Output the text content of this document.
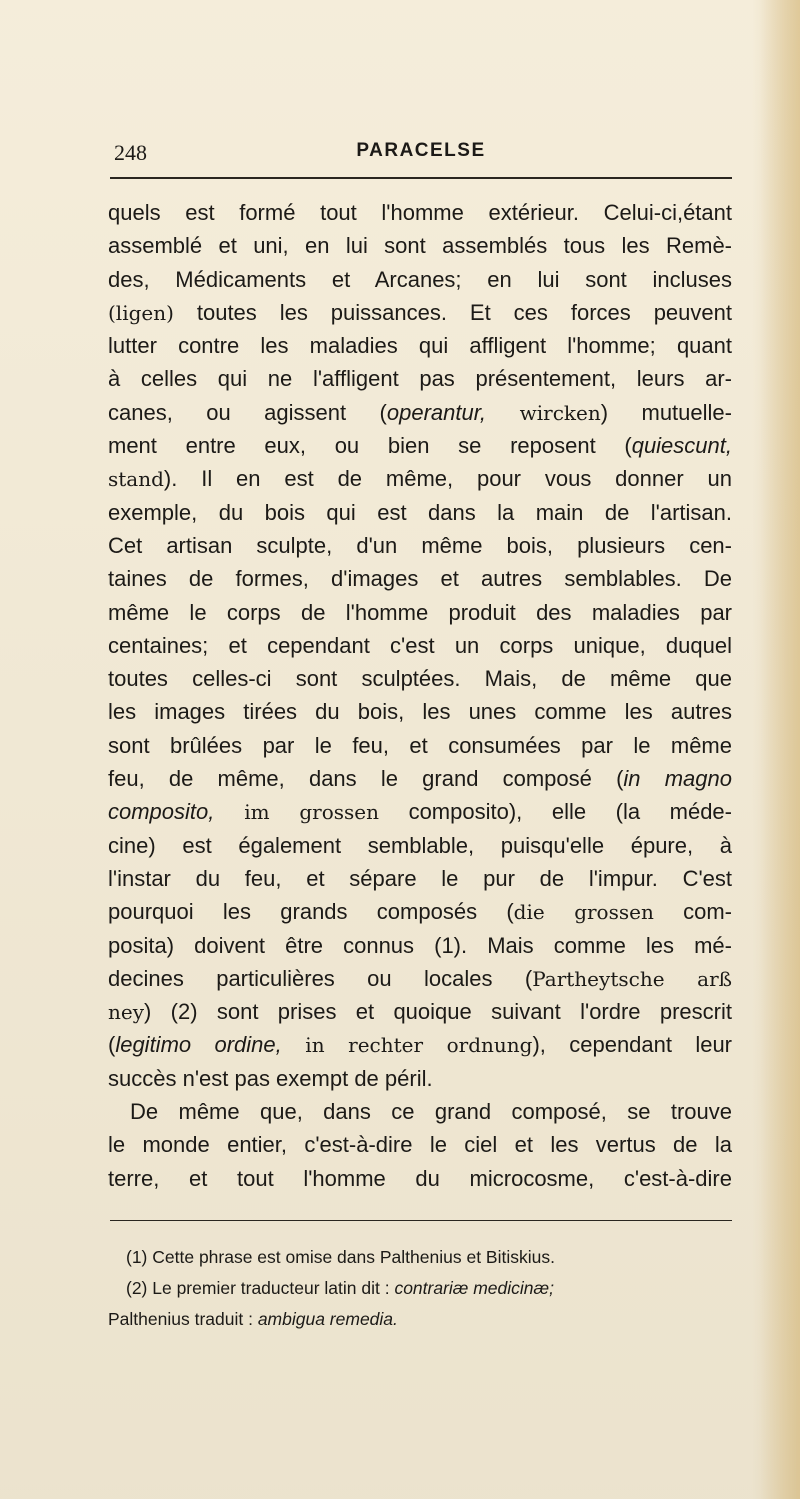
248	PARACELSE
quels est formé tout l'homme extérieur. Celui-ci,étant
assemblé et uni, en lui sont assemblés tous les Remè-
des, Médicaments et Arcanes; en lui sont incluses
(ligen) toutes les puissances. Et ces forces peuvent
lutter contre les maladies qui affligent l'homme; quant
à celles qui ne l'affligent pas présentement, leurs ar-
canes, ou agissent (operantur, wircken) mutuelle-
ment entre eux, ou bien se reposent (quiescunt,
stand). Il en est de même, pour vous donner un
exemple, du bois qui est dans la main de l'artisan.
Cet artisan sculpte, d'un même bois, plusieurs cen-
taines de formes, d'images et autres semblables. De
même le corps de l'homme produit des maladies par
centaines; et cependant c'est un corps unique, duquel
toutes celles-ci sont sculptées. Mais, de même que
les images tirées du bois, les unes comme les autres
sont brûlées par le feu, et consumées par le même
feu, de même, dans le grand composé (in magno
composito, im grossen composito), elle (la méde-
cine) est également semblable, puisqu'elle épure, à
l'instar du feu, et sépare le pur de l'impur. C'est
pourquoi les grands composés (die grossen com-
posita) doivent être connus (1). Mais comme les mé-
decines particulières ou locales (Partheytsche arß
ney) (2) sont prises et quoique suivant l'ordre prescrit
(legitimo ordine, in rechter ordnung), cependant leur
succès n'est pas exempt de péril.
De même que, dans ce grand composé, se trouve
le monde entier, c'est-à-dire le ciel et les vertus de la
terre, et tout l'homme du microcosme, c'est-à-dire
(1) Cette phrase est omise dans Palthenius et Bitiskius.
(2) Le premier traducteur latin dit : contrariæ medicinæ;
Palthenius traduit : ambigua remedia.
